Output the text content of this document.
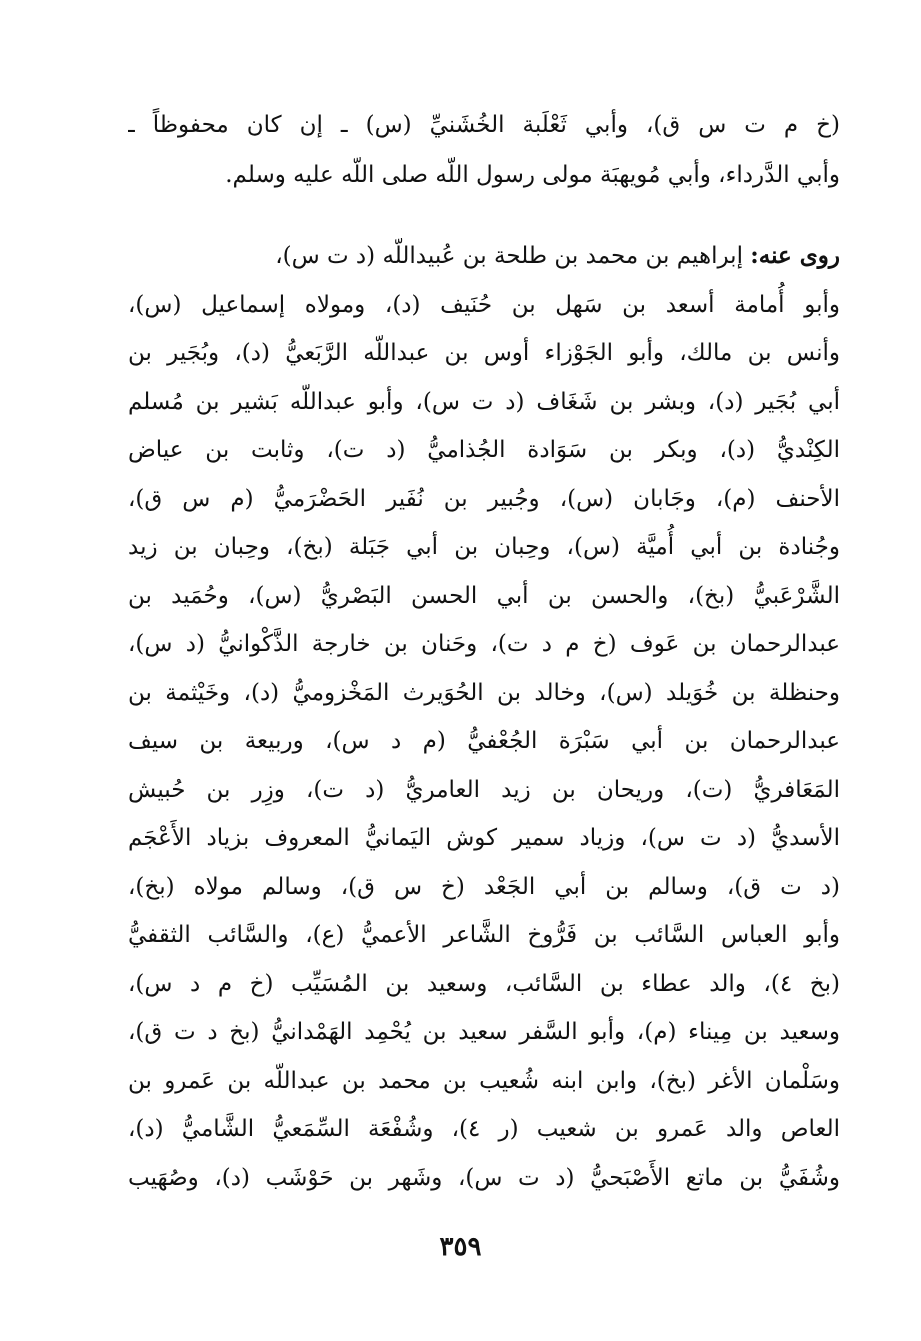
(خ م ت س ق)، وأبي ثَعْلَبة الخُشَنيِّ (س) ـ إن كان محفوظاً ـ
وأبي الدَّرداء، وأبي مُويهبَة مولى رسول اللّه صلى اللّه عليه وسلم.
روى عنه: إبراهيم بن محمد بن طلحة بن عُبيداللّه (د ت س)،
وأبو أُمامة أسعد بن سَهل بن حُنَيف (د)، ومولاه إسماعيل (س)،
وأنس بن مالك، وأبو الجَوْزاء أوس بن عبداللّه الرَّبَعيُّ (د)، وبُجَير بن
أبي بُجَير (د)، وبشر بن شَغَاف (د ت س)، وأبو عبداللّه بَشير بن مُسلم
الكِنْديُّ (د)، وبكر بن سَوَادة الجُذاميُّ (د ت)، وثابت بن عياض
الأحنف (م)، وجَابان (س)، وجُبير بن نُفَير الحَضْرَميُّ (م س ق)،
وجُنادة بن أبي أُميَّة (س)، وحِبان بن أبي جَبَلة (بخ)، وحِبان بن زيد
الشَّرْعَبيُّ (بخ)، والحسن بن أبي الحسن البَصْريُّ (س)، وحُمَيد بن
عبدالرحمان بن عَوف (خ م د ت)، وحَنان بن خارجة الذَّكْوانيُّ (د س)،
وحنظلة بن خُوَيلد (س)، وخالد بن الحُوَيرث المَخْزوميُّ (د)، وخَيْثمة بن
عبدالرحمان بن أبي سَبْرَة الجُعْفيُّ (م د س)، وربيعة بن سيف
المَعَافريُّ (ت)، وريحان بن زيد العامريُّ (د ت)، وزِر بن حُبيش
الأسديُّ (د ت س)، وزياد سمير كوش اليَمانيُّ المعروف بزياد الأَعْجَم
(د ت ق)، وسالم بن أبي الجَعْد (خ س ق)، وسالم مولاه (بخ)،
وأبو العباس السَّائب بن فَرُّوخ الشَّاعر الأعميُّ (ع)، والسَّائب الثقفيُّ
(بخ ٤)، والد عطاء بن السَّائب، وسعيد بن المُسَيِّب (خ م د س)،
وسعيد بن مِيناء (م)، وأبو السَّفر سعيد بن يُحْمِد الهَمْدانيُّ (بخ د ت ق)،
وسَلْمان الأغر (بخ)، وابن ابنه شُعيب بن محمد بن عبداللّه بن عَمرو بن
العاص والد عَمرو بن شعيب (ر ٤)، وشُفْعَة السِّمَعيُّ الشَّاميُّ (د)،
وشُفَيُّ بن ماتع الأَصْبَحيُّ (د ت س)، وشَهر بن حَوْشَب (د)، وصُهَيب
٣٥٩
